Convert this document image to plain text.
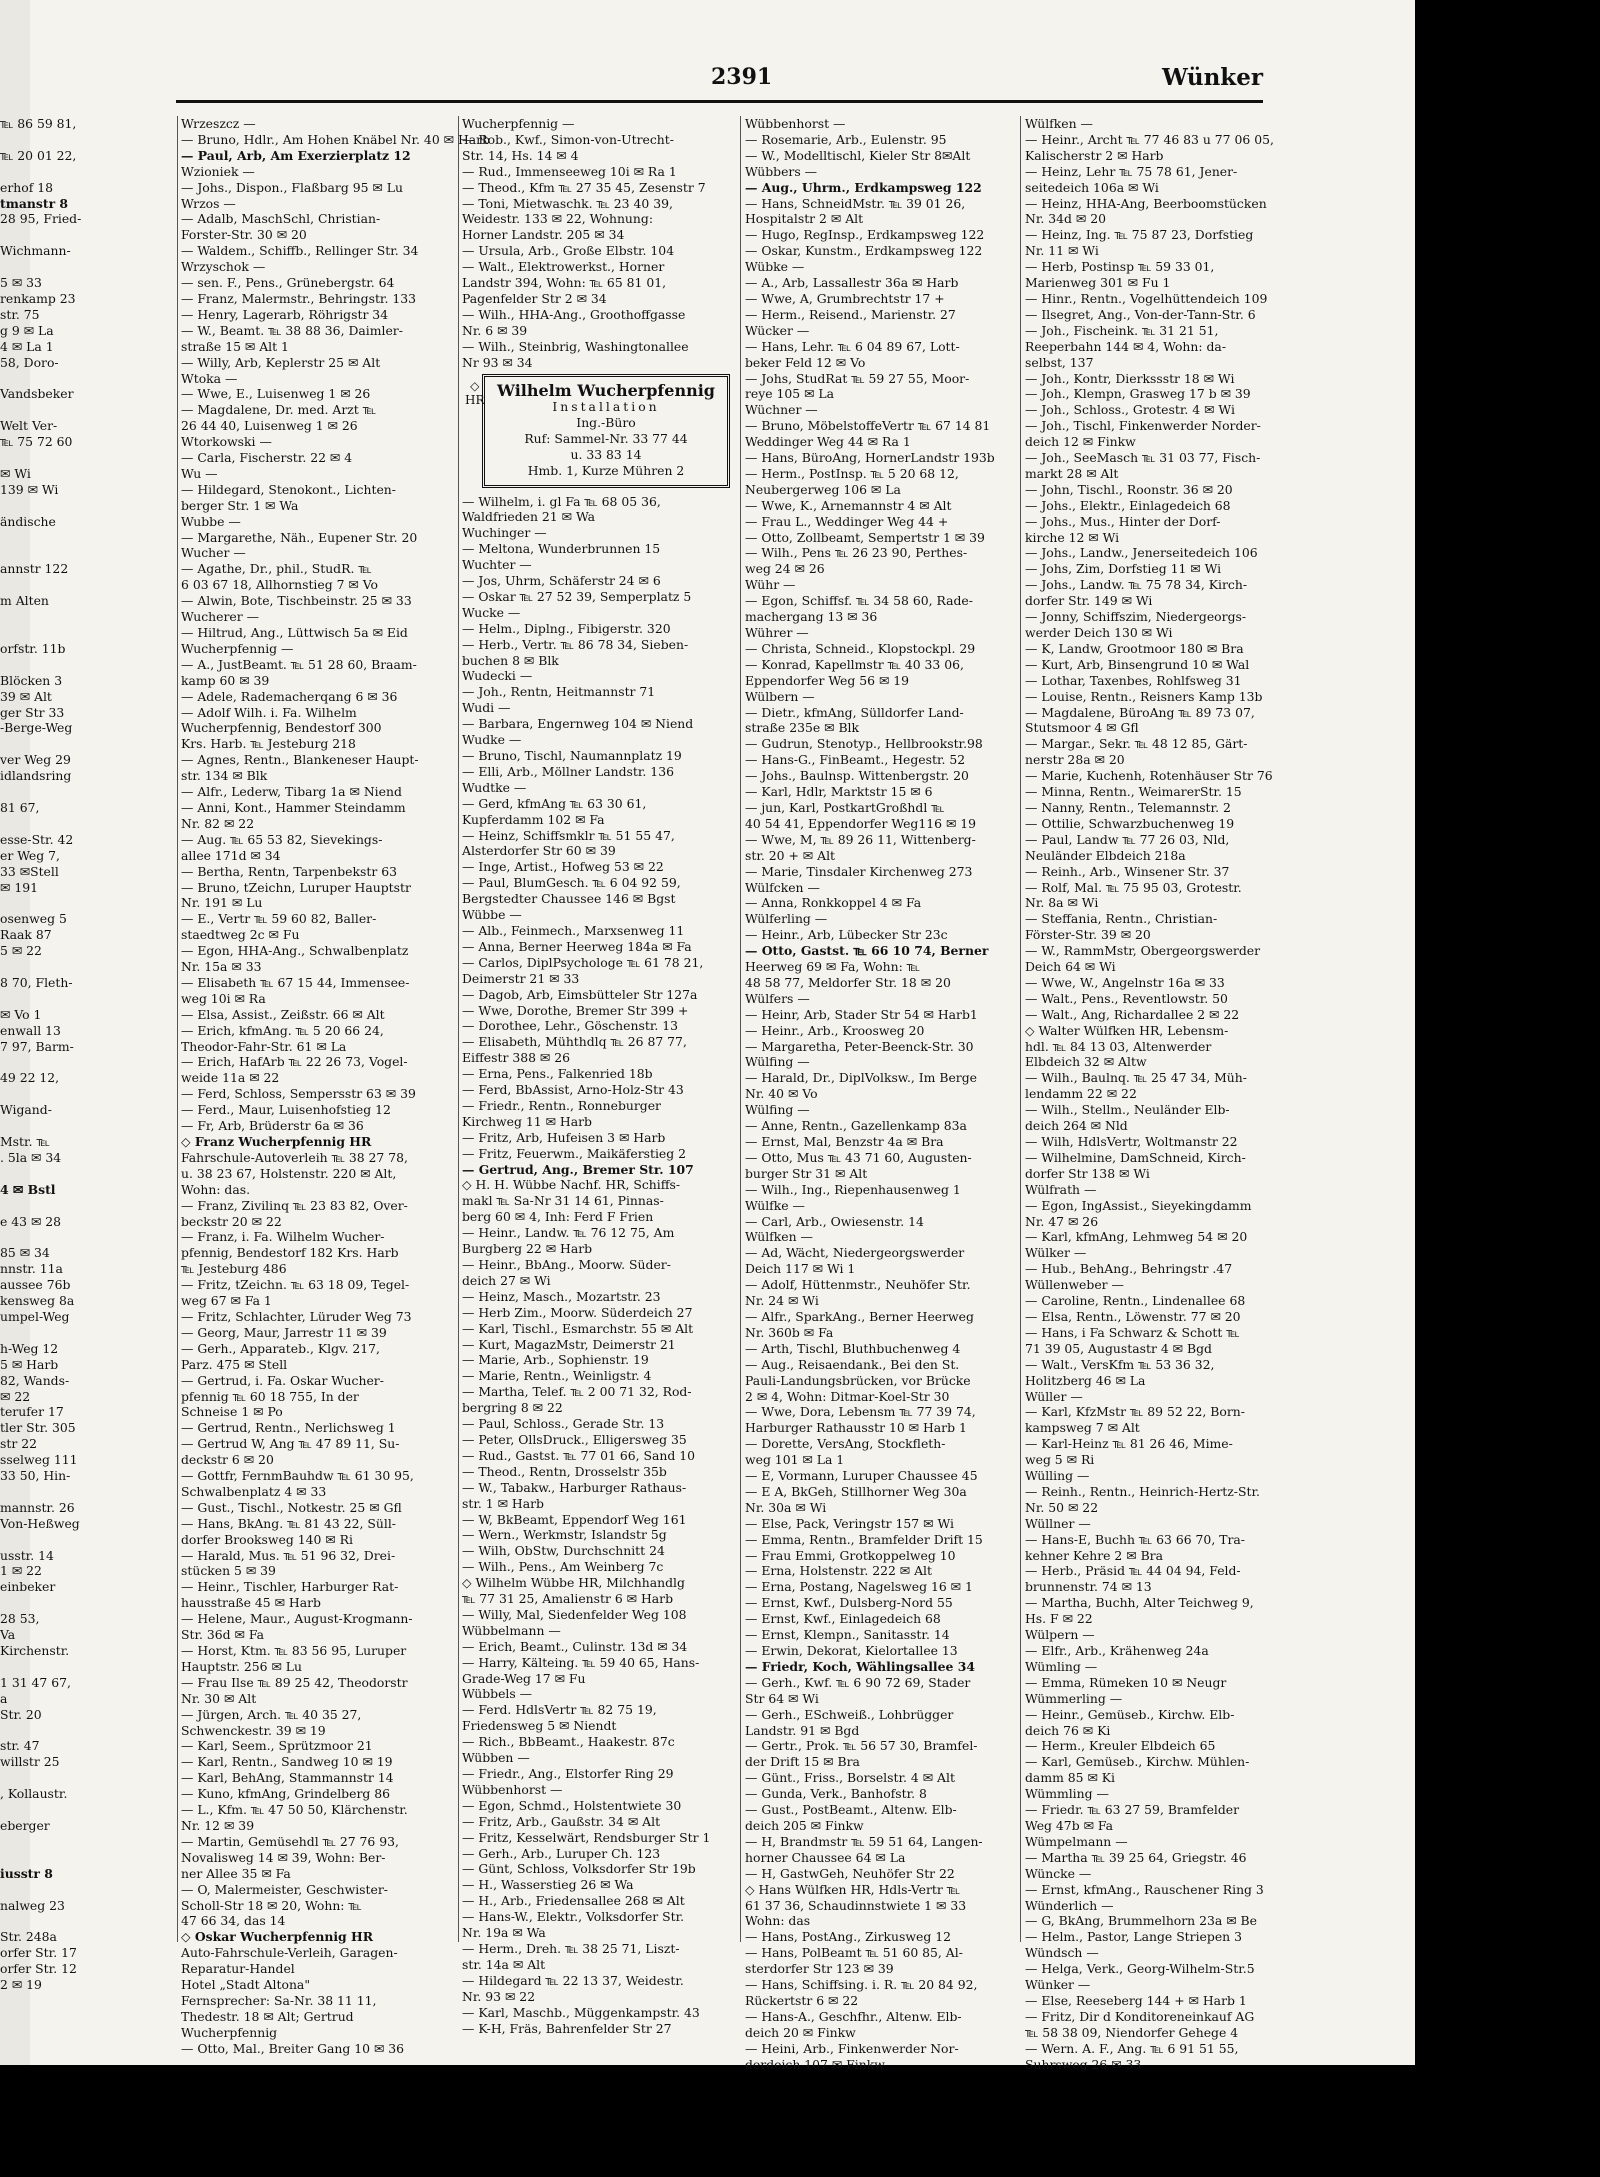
2391	Wünker

℡ 86 59 81,

℡ 20 01 22,

erhof 18

tmanstr 8

28 95, Fried-

Wichmann-

5 ✉ 33

renkamp 23

str. 75

g 9 ✉ La

4 ✉ La 1

58, Doro-

Vandsbeker

Welt Ver-

℡ 75 72 60

✉ Wi

139 ✉ Wi

ändische

annstr 122

m Alten

orfstr. 11b

Blöcken 3

39 ✉ Alt

ger Str 33

-Berge-Weg

ver Weg 29

idlandsring

81 67,

esse-Str. 42

er Weg 7,

33 ✉Stell

✉ 191

osenweg 5

Raak 87

5 ✉ 22

8 70, Fleth-

✉ Vo 1

enwall 13

7 97, Barm-

49 22 12,

Wigand-

Mstr. ℡

. 5la ✉ 34

4 ✉ Bstl

e 43 ✉ 28

85 ✉ 34

nnstr. 11a

aussee 76b

kensweg 8a

umpel-Weg

h-Weg 12

5 ✉ Harb

82, Wands-

✉ 22

terufer 17

tler Str. 305

str 22

sselweg 111

33 50, Hin-

mannstr. 26

Von-Heßweg

usstr. 14

1 ✉ 22

einbeker

28 53,

Va

Kirchenstr.

1 31 47 67,

a

Str. 20

str. 47

willstr 25

, Kollaustr.

eberger

iusstr 8

nalweg 23

Str. 248a

orfer Str. 17

orfer Str. 12

2 ✉ 19

Wrzeszcz —

— Bruno, Hdlr., Am Hohen Knäbel Nr. 40 ✉ Harb

— Paul, Arb, Am Exerzierplatz 12

Wzioniek —

— Johs., Dispon., Flaßbarg 95 ✉ Lu

Wrzos —

— Adalb, MaschSchl, Christian-

Forster-Str. 30 ✉ 20

— Waldem., Schiffb., Rellinger Str. 34

Wrzyschok —

— sen. F., Pens., Grünebergstr. 64

— Franz, Malermstr., Behringstr. 133

— Henry, Lagerarb, Röhrigstr 34

— W., Beamt. ℡ 38 88 36, Daimler-

straße 15 ✉ Alt 1

— Willy, Arb, Keplerstr 25 ✉ Alt

Wtoka —

— Wwe, E., Luisenweg 1 ✉ 26

— Magdalene, Dr. med. Arzt ℡

26 44 40, Luisenweg 1 ✉ 26

Wtorkowski —

— Carla, Fischerstr. 22 ✉ 4

Wu —

— Hildegard, Stenokont., Lichten-

berger Str. 1 ✉ Wa

Wubbe —

— Margarethe, Näh., Eupener Str. 20

Wucher —

— Agathe, Dr., phil., StudR. ℡

6 03 67 18, Allhornstieg 7 ✉ Vo

— Alwin, Bote, Tischbeinstr. 25 ✉ 33

Wucherer —

— Hiltrud, Ang., Lüttwisch 5a ✉ Eid

Wucherpfennig —

— A., JustBeamt. ℡ 51 28 60, Braam-

kamp 60 ✉ 39

— Adele, Rademacherqang 6 ✉ 36

— Adolf Wilh. i. Fa. Wilhelm

Wucherpfennig, Bendestorf 300

Krs. Harb. ℡ Jesteburg 218

— Agnes, Rentn., Blankeneser Haupt-

str. 134 ✉ Blk

— Alfr., Lederw, Tibarg 1a ✉ Niend

— Anni, Kont., Hammer Steindamm

Nr. 82 ✉ 22

— Aug. ℡ 65 53 82, Sievekings-

allee 171d ✉ 34

— Bertha, Rentn, Tarpenbekstr 63

— Bruno, tZeichn, Luruper Hauptstr

Nr. 191 ✉ Lu

— E., Vertr ℡ 59 60 82, Baller-

staedtweg 2c ✉ Fu

— Egon, HHA-Ang., Schwalbenplatz

Nr. 15a ✉ 33

— Elisabeth ℡ 67 15 44, Immensee-

weg 10i ✉ Ra

— Elsa, Assist., Zeißstr. 66 ✉ Alt

— Erich, kfmAng. ℡ 5 20 66 24,

Theodor-Fahr-Str. 61 ✉ La

— Erich, HafArb ℡ 22 26 73, Vogel-

weide 11a ✉ 22

— Ferd, Schloss, Sempersstr 63 ✉ 39

— Ferd., Maur, Luisenhofstieg 12

— Fr, Arb, Brüderstr 6a ✉ 36

◇ Franz Wucherpfennig HR

Fahrschule-Autoverleih ℡ 38 27 78,

u. 38 23 67, Holstenstr. 220 ✉ Alt,

Wohn: das.

— Franz, Zivilinq ℡ 23 83 82, Over-

beckstr 20 ✉ 22

— Franz, i. Fa. Wilhelm Wucher-

pfennig, Bendestorf 182 Krs. Harb

℡ Jesteburg 486

— Fritz, tZeichn. ℡ 63 18 09, Tegel-

weg 67 ✉ Fa 1

— Fritz, Schlachter, Lüruder Weg 73

— Georg, Maur, Jarrestr 11 ✉ 39

— Gerh., Apparateb., Klgv. 217,

Parz. 475 ✉ Stell

— Gertrud, i. Fa. Oskar Wucher-

pfennig ℡ 60 18 755, In der

Schneise 1 ✉ Po

— Gertrud, Rentn., Nerlichsweg 1

— Gertrud W, Ang ℡ 47 89 11, Su-

deckstr 6 ✉ 20

— Gottfr, FernmBauhdw ℡ 61 30 95,

Schwalbenplatz 4 ✉ 33

— Gust., Tischl., Notkestr. 25 ✉ Gfl

— Hans, BkAng. ℡ 81 43 22, Süll-

dorfer Brooksweg 140 ✉ Ri

— Harald, Mus. ℡ 51 96 32, Drei-

stücken 5 ✉ 39

— Heinr., Tischler, Harburger Rat-

hausstraße 45 ✉ Harb

— Helene, Maur., August-Krogmann-

Str. 36d ✉ Fa

— Horst, Ktm. ℡ 83 56 95, Luruper

Hauptstr. 256 ✉ Lu

— Frau Ilse ℡ 89 25 42, Theodorstr

Nr. 30 ✉ Alt

— Jürgen, Arch. ℡ 40 35 27,

Schwenckestr. 39 ✉ 19

— Karl, Seem., Sprützmoor 21

— Karl, Rentn., Sandweg 10 ✉ 19

— Karl, BehAng, Stammannstr 14

— Kuno, kfmAng, Grindelberg 86

— L., Kfm. ℡ 47 50 50, Klärchenstr.

Nr. 12 ✉ 39

— Martin, Gemüsehdl ℡ 27 76 93,

Novalisweg 14 ✉ 39, Wohn: Ber-

ner Allee 35 ✉ Fa

— O, Malermeister, Geschwister-

Scholl-Str 18 ✉ 20, Wohn: ℡

47 66 34, das 14

◇ Oskar Wucherpfennig HR

Auto-Fahrschule-Verleih, Garagen-

Reparatur-Handel

Hotel „Stadt Altona"

Fernsprecher: Sa-Nr. 38 11 11,

Thedestr. 18 ✉ Alt; Gertrud

Wucherpfennig

— Otto, Mal., Breiter Gang 10 ✉ 36

Wucherpfennig —

— Rob., Kwf., Simon-von-Utrecht-

Str. 14, Hs. 14 ✉ 4

— Rud., Immenseeweg 10i ✉ Ra 1

— Theod., Kfm ℡ 27 35 45, Zesenstr 7

— Toni, Mietwaschk. ℡ 23 40 39,

Weidestr. 133 ✉ 22, Wohnung:

Horner Landstr. 205 ✉ 34

— Ursula, Arb., Große Elbstr. 104

— Walt., Elektrowerkst., Horner

Landstr 394, Wohn: ℡ 65 81 01,

Pagenfelder Str 2 ✉ 34

— Wilh., HHA-Ang., Groothoffgasse

Nr. 6 ✉ 39

— Wilh., Steinbrig, Washingtonallee

Nr 93 ✉ 34

◇
HR Wilhelm Wucherpfennig
Installation
Ing.-Büro
Ruf: Sammel-Nr. 33 77 44
u. 33 83 14
Hmb. 1, Kurze Mühren 2

— Wilhelm, i. gl Fa ℡ 68 05 36,

Waldfrieden 21 ✉ Wa

Wuchinger —

— Meltona, Wunderbrunnen 15

Wuchter —

— Jos, Uhrm, Schäferstr 24 ✉ 6

— Oskar ℡ 27 52 39, Semperplatz 5

Wucke —

— Helm., Diplng., Fibigerstr. 320

— Herb., Vertr. ℡ 86 78 34, Sieben-

buchen 8 ✉ Blk

Wudecki —

— Joh., Rentn, Heitmannstr 71

Wudi —

— Barbara, Engernweg 104 ✉ Niend

Wudke —

— Bruno, Tischl, Naumannplatz 19

— Elli, Arb., Möllner Landstr. 136

Wudtke —

— Gerd, kfmAng ℡ 63 30 61,

Kupferdamm 102 ✉ Fa

— Heinz, Schiffsmklr ℡ 51 55 47,

Alsterdorfer Str 60 ✉ 39

— Inge, Artist., Hofweg 53 ✉ 22

— Paul, BlumGesch. ℡ 6 04 92 59,

Bergstedter Chaussee 146 ✉ Bgst

Wübbe —

— Alb., Feinmech., Marxsenweg 11

— Anna, Berner Heerweg 184a ✉ Fa

— Carlos, DiplPsychologe ℡ 61 78 21,

Deimerstr 21 ✉ 33

— Dagob, Arb, Eimsbütteler Str 127a

— Wwe, Dorothe, Bremer Str 399 +

— Dorothee, Lehr., Göschenstr. 13

— Elisabeth, Mühthdlq ℡ 26 87 77,

Eiffestr 388 ✉ 26

— Erna, Pens., Falkenried 18b

— Ferd, BbAssist, Arno-Holz-Str 43

— Friedr., Rentn., Ronneburger

Kirchweg 11 ✉ Harb

— Fritz, Arb, Hufeisen 3 ✉ Harb

— Fritz, Feuerwm., Maikäferstieg 2

— Gertrud, Ang., Bremer Str. 107

◇ H. H. Wübbe Nachf. HR, Schiffs-

makl ℡ Sa-Nr 31 14 61, Pinnas-

berg 60 ✉ 4, Inh: Ferd F Frien

— Heinr., Landw. ℡ 76 12 75, Am

Burgberg 22 ✉ Harb

— Heinr., BbAng., Moorw. Süder-

deich 27 ✉ Wi

— Heinz, Masch., Mozartstr. 23

— Herb Zim., Moorw. Süderdeich 27

— Karl, Tischl., Esmarchstr. 55 ✉ Alt

— Kurt, MagazMstr, Deimerstr 21

— Marie, Arb., Sophienstr. 19

— Marie, Rentn., Weinligstr. 4

— Martha, Telef. ℡ 2 00 71 32, Rod-

bergring 8 ✉ 22

— Paul, Schloss., Gerade Str. 13

— Peter, OllsDruck., Elligersweg 35

— Rud., Gastst. ℡ 77 01 66, Sand 10

— Theod., Rentn, Drosselstr 35b

— W., Tabakw., Harburger Rathaus-

str. 1 ✉ Harb

— W, BkBeamt, Eppendorf Weg 161

— Wern., Werkmstr, Islandstr 5g

— Wilh, ObStw, Durchschnitt 24

— Wilh., Pens., Am Weinberg 7c

◇ Wilhelm Wübbe HR, Milchhandlg

℡ 77 31 25, Amalienstr 6 ✉ Harb

— Willy, Mal, Siedenfelder Weg 108

Wübbelmann —

— Erich, Beamt., Culinstr. 13d ✉ 34

— Harry, Kälteing. ℡ 59 40 65, Hans-

Grade-Weg 17 ✉ Fu

Wübbels —

— Ferd. HdlsVertr ℡ 82 75 19,

Friedensweg 5 ✉ Niendt

— Rich., BbBeamt., Haakestr. 87c

Wübben —

— Friedr., Ang., Elstorfer Ring 29

Wübbenhorst —

— Egon, Schmd., Holstentwiete 30

— Fritz, Arb., Gaußstr. 34 ✉ Alt

— Fritz, Kesselwärt, Rendsburger Str 1

— Gerh., Arb., Luruper Ch. 123

— Günt, Schloss, Volksdorfer Str 19b

— H., Wasserstieg 26 ✉ Wa

— H., Arb., Friedensallee 268 ✉ Alt

— Hans-W., Elektr., Volksdorfer Str.

Nr. 19a ✉ Wa

— Herm., Dreh. ℡ 38 25 71, Liszt-

str. 14a ✉ Alt

— Hildegard ℡ 22 13 37, Weidestr.

Nr. 93 ✉ 22

— Karl, Maschb., Müggenkampstr. 43

— K-H, Fräs, Bahrenfelder Str 27

Wübbenhorst —

— Rosemarie, Arb., Eulenstr. 95

— W., Modelltischl, Kieler Str 8✉Alt

Wübbers —

— Aug., Uhrm., Erdkampsweg 122

— Hans, SchneidMstr. ℡ 39 01 26,

Hospitalstr 2 ✉ Alt

— Hugo, RegInsp., Erdkampsweg 122

— Oskar, Kunstm., Erdkampsweg 122

Wübke —

— A., Arb, Lassallestr 36a ✉ Harb

— Wwe, A, Grumbrechtstr 17 +

— Herm., Reisend., Marienstr. 27

Wücker —

— Hans, Lehr. ℡ 6 04 89 67, Lott-

beker Feld 12 ✉ Vo

— Johs, StudRat ℡ 59 27 55, Moor-

reye 105 ✉ La

Wüchner —

— Bruno, MöbelstoffeVertr ℡ 67 14 81

Weddinger Weg 44 ✉ Ra 1

— Hans, BüroAng, HornerLandstr 193b

— Herm., PostInsp. ℡ 5 20 68 12,

Neubergerweg 106 ✉ La

— Wwe, K., Arnemannstr 4 ✉ Alt

— Frau L., Weddinger Weg 44 +

— Otto, Zollbeamt, Sempertstr 1 ✉ 39

— Wilh., Pens ℡ 26 23 90, Perthes-

weg 24 ✉ 26

Wühr —

— Egon, Schiffsf. ℡ 34 58 60, Rade-

machergang 13 ✉ 36

Wührer —

— Christa, Schneid., Klopstockpl. 29

— Konrad, Kapellmstr ℡ 40 33 06,

Eppendorfer Weg 56 ✉ 19

Wülbern —

— Dietr., kfmAng, Sülldorfer Land-

straße 235e ✉ Blk

— Gudrun, Stenotyp., Hellbrookstr.98

— Hans-G., FinBeamt., Hegestr. 52

— Johs., Baulnsp. Wittenbergstr. 20

— Karl, Hdlr, Marktstr 15 ✉ 6

— jun, Karl, PostkartGroßhdl ℡

40 54 41, Eppendorfer Weg116 ✉ 19

— Wwe, M, ℡ 89 26 11, Wittenberg-

str. 20 + ✉ Alt

— Marie, Tinsdaler Kirchenweg 273

Wülfcken —

— Anna, Ronkkoppel 4 ✉ Fa

Wülferling —

— Heinr., Arb, Lübecker Str 23c

— Otto, Gastst. ℡ 66 10 74, Berner

Heerweg 69 ✉ Fa, Wohn: ℡

48 58 77, Meldorfer Str. 18 ✉ 20

Wülfers —

— Heinr, Arb, Stader Str 54 ✉ Harb1

— Heinr., Arb., Kroosweg 20

— Margaretha, Peter-Beenck-Str. 30

Wülfing —

— Harald, Dr., DiplVolksw., Im Berge

Nr. 40 ✉ Vo

Wülfing —

— Anne, Rentn., Gazellenkamp 83a

— Ernst, Mal, Benzstr 4a ✉ Bra

— Otto, Mus ℡ 43 71 60, Augusten-

burger Str 31 ✉ Alt

— Wilh., Ing., Riepenhausenweg 1

Wülfke —

— Carl, Arb., Owiesenstr. 14

Wülfken —

— Ad, Wächt, Niedergeorgswerder

Deich 117 ✉ Wi 1

— Adolf, Hüttenmstr., Neuhöfer Str.

Nr. 24 ✉ Wi

— Alfr., SparkAng., Berner Heerweg

Nr. 360b ✉ Fa

— Arth, Tischl, Bluthbuchenweg 4

— Aug., Reisaendank., Bei den St.

Pauli-Landungsbrücken, vor Brücke

2 ✉ 4, Wohn: Ditmar-Koel-Str 30

— Wwe, Dora, Lebensm ℡ 77 39 74,

Harburger Rathausstr 10 ✉ Harb 1

— Dorette, VersAng, Stockfleth-

weg 101 ✉ La 1

— E, Vormann, Luruper Chaussee 45

— E A, BkGeh, Stillhorner Weg 30a

Nr. 30a ✉ Wi

— Else, Pack, Veringstr 157 ✉ Wi

— Emma, Rentn., Bramfelder Drift 15

— Frau Emmi, Grotkoppelweg 10

— Erna, Holstenstr. 222 ✉ Alt

— Erna, Postang, Nagelsweg 16 ✉ 1

— Ernst, Kwf., Dulsberg-Nord 55

— Ernst, Kwf., Einlagedeich 68

— Ernst, Klempn., Sanitasstr. 14

— Erwin, Dekorat, Kielortallee 13

— Friedr, Koch, Wählingsallee 34

— Gerh., Kwf. ℡ 6 90 72 69, Stader

Str 64 ✉ Wi

— Gerh., ESchweiß., Lohbrügger

Landstr. 91 ✉ Bgd

— Gertr., Prok. ℡ 56 57 30, Bramfel-

der Drift 15 ✉ Bra

— Günt., Friss., Borselstr. 4 ✉ Alt

— Gunda, Verk., Banhofstr. 8

— Gust., PostBeamt., Altenw. Elb-

deich 205 ✉ Finkw

— H, Brandmstr ℡ 59 51 64, Langen-

horner Chaussee 64 ✉ La

— H, GastwGeh, Neuhöfer Str 22

◇ Hans Wülfken HR, Hdls-Vertr ℡

61 37 36, Schaudinnstwiete 1 ✉ 33

Wohn: das

— Hans, PostAng., Zirkusweg 12

— Hans, PolBeamt ℡ 51 60 85, Al-

sterdorfer Str 123 ✉ 39

— Hans, Schiffsing. i. R. ℡ 20 84 92,

Rückertstr 6 ✉ 22

— Hans-A., Geschfhr., Altenw. Elb-

deich 20 ✉ Finkw

— Heini, Arb., Finkenwerder Nor-

derdeich 107 ✉ Finkw

Wülfken —

— Heinr., Archt ℡ 77 46 83 u 77 06 05,

Kalischerstr 2 ✉ Harb

— Heinz, Lehr ℡ 75 78 61, Jener-

seitedeich 106a ✉ Wi

— Heinz, HHA-Ang, Beerboomstücken

Nr. 34d ✉ 20

— Heinz, Ing. ℡ 75 87 23, Dorfstieg

Nr. 11 ✉ Wi

— Herb, Postinsp ℡ 59 33 01,

Marienweg 301 ✉ Fu 1

— Hinr., Rentn., Vogelhüttendeich 109

— Ilsegret, Ang., Von-der-Tann-Str. 6

— Joh., Fischeink. ℡ 31 21 51,

Reeperbahn 144 ✉ 4, Wohn: da-

selbst, 137

— Joh., Kontr, Dierkssstr 18 ✉ Wi

— Joh., Klempn, Grasweg 17 b ✉ 39

— Joh., Schloss., Grotestr. 4 ✉ Wi

— Joh., Tischl, Finkenwerder Norder-

deich 12 ✉ Finkw

— Joh., SeeMasch ℡ 31 03 77, Fisch-

markt 28 ✉ Alt

— John, Tischl., Roonstr. 36 ✉ 20

— Johs., Elektr., Einlagedeich 68

— Johs., Mus., Hinter der Dorf-

kirche 12 ✉ Wi

— Johs., Landw., Jenerseitedeich 106

— Johs, Zim, Dorfstieg 11 ✉ Wi

— Johs., Landw. ℡ 75 78 34, Kirch-

dorfer Str. 149 ✉ Wi

— Jonny, Schiffszim, Niedergeorgs-

werder Deich 130 ✉ Wi

— K, Landw, Grootmoor 180 ✉ Bra

— Kurt, Arb, Binsengrund 10 ✉ Wal

— Lothar, Taxenbes, Rohlfsweg 31

— Louise, Rentn., Reisners Kamp 13b

— Magdalene, BüroAng ℡ 89 73 07,

Stutsmoor 4 ✉ Gfl

— Margar., Sekr. ℡ 48 12 85, Gärt-

nerstr 28a ✉ 20

— Marie, Kuchenh, Rotenhäuser Str 76

— Minna, Rentn., WeimarerStr. 15

— Nanny, Rentn., Telemannstr. 2

— Ottilie, Schwarzbuchenweg 19

— Paul, Landw ℡ 77 26 03, Nld,

Neuländer Elbdeich 218a

— Reinh., Arb., Winsener Str. 37

— Rolf, Mal. ℡ 75 95 03, Grotestr.

Nr. 8a ✉ Wi

— Steffania, Rentn., Christian-

Förster-Str. 39 ✉ 20

— W., RammMstr, Obergeorgswerder

Deich 64 ✉ Wi

— Wwe, W., Angelnstr 16a ✉ 33

— Walt., Pens., Reventlowstr. 50

— Walt., Ang, Richardallee 2 ✉ 22

◇ Walter Wülfken HR, Lebensm-

hdl. ℡ 84 13 03, Altenwerder

Elbdeich 32 ✉ Altw

— Wilh., Baulnq. ℡ 25 47 34, Müh-

lendamm 22 ✉ 22

— Wilh., Stellm., Neuländer Elb-

deich 264 ✉ Nld

— Wilh, HdlsVertr, Woltmanstr 22

— Wilhelmine, DamSchneid, Kirch-

dorfer Str 138 ✉ Wi

Wülfrath —

— Egon, IngAssist., Sieyekingdamm

Nr. 47 ✉ 26

— Karl, kfmAng, Lehmweg 54 ✉ 20

Wülker —

— Hub., BehAng., Behringstr .47

Wüllenweber —

— Caroline, Rentn., Lindenallee 68

— Elsa, Rentn., Löwenstr. 77 ✉ 20

— Hans, i Fa Schwarz & Schott ℡

71 39 05, Augustastr 4 ✉ Bgd

— Walt., VersKfm ℡ 53 36 32,

Holitzberg 46 ✉ La

Wüller —

— Karl, KfzMstr ℡ 89 52 22, Born-

kampsweg 7 ✉ Alt

— Karl-Heinz ℡ 81 26 46, Mime-

weg 5 ✉ Ri

Wülling —

— Reinh., Rentn., Heinrich-Hertz-Str.

Nr. 50 ✉ 22

Wüllner —

— Hans-E, Buchh ℡ 63 66 70, Tra-

kehner Kehre 2 ✉ Bra

— Herb., Präsid ℡ 44 04 94, Feld-

brunnenstr. 74 ✉ 13

— Martha, Buchh, Alter Teichweg 9,

Hs. F ✉ 22

Wülpern —

— Elfr., Arb., Krähenweg 24a

Wümling —

— Emma, Rümeken 10 ✉ Neugr

Wümmerling —

— Heinr., Gemüseb., Kirchw. Elb-

deich 76 ✉ Ki

— Herm., Kreuler Elbdeich 65

— Karl, Gemüseb., Kirchw. Mühlen-

damm 85 ✉ Ki

Wümmling —

— Friedr. ℡ 63 27 59, Bramfelder

Weg 47b ✉ Fa

Wümpelmann —

— Martha ℡ 39 25 64, Griegstr. 46

Wüncke —

— Ernst, kfmAng., Rauschener Ring 3

Wünderlich —

— G, BkAng, Brummelhorn 23a ✉ Be

— Helm., Pastor, Lange Striepen 3

Wündsch —

— Helga, Verk., Georg-Wilhelm-Str.5

Wünker —

— Else, Reeseberg 144 + ✉ Harb 1

— Fritz, Dir d Konditoreneinkauf AG

℡ 58 38 09, Niendorfer Gehege 4

— Wern. A. F., Ang. ℡ 6 91 51 55,

Suhrsweg 26 ✉ 33
